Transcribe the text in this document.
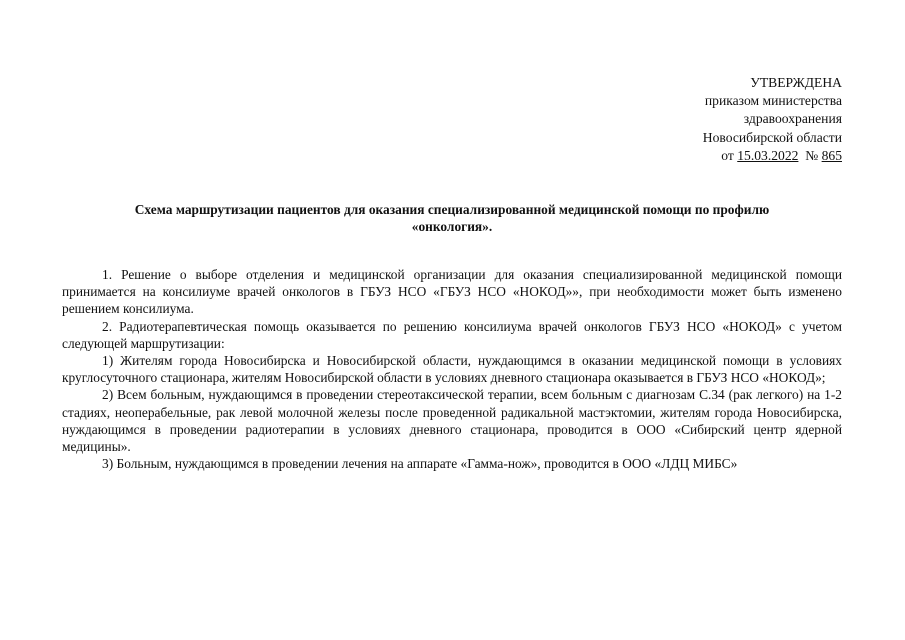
УТВЕРЖДЕНА
приказом министерства
здравоохранения
Новосибирской области
от 15.03.2022 № 865
Схема маршрутизации пациентов для оказания специализированной медицинской помощи по профилю
«онкология».

1. Решение о выборе отделения и медицинской организации для оказания специализированной медицинской помощи принимается на консилиуме врачей онкологов в ГБУЗ НСО «ГБУЗ НСО «НОКОД»», при необходимости может быть изменено решением консилиума.

2. Радиотерапевтическая помощь оказывается по решению консилиума врачей онкологов ГБУЗ НСО «НОКОД» с учетом следующей маршрутизации:

1) Жителям города Новосибирска и Новосибирской области, нуждающимся в оказании медицинской помощи в условиях круглосуточного стационара, жителям Новосибирской области в условиях дневного стационара оказывается в ГБУЗ НСО «НОКОД»;

2) Всем больным, нуждающимся в проведении стереотаксической терапии, всем больным с диагнозам С.34 (рак легкого) на 1-2 стадиях, неоперабельные, рак левой молочной железы после проведенной радикальной мастэктомии, жителям города Новосибирска, нуждающимся в проведении радиотерапии в условиях дневного стационара, проводится в ООО «Сибирский центр ядерной медицины».

3) Больным, нуждающимся в проведении лечения на аппарате «Гамма-нож», проводится в ООО «ЛДЦ МИБС»
